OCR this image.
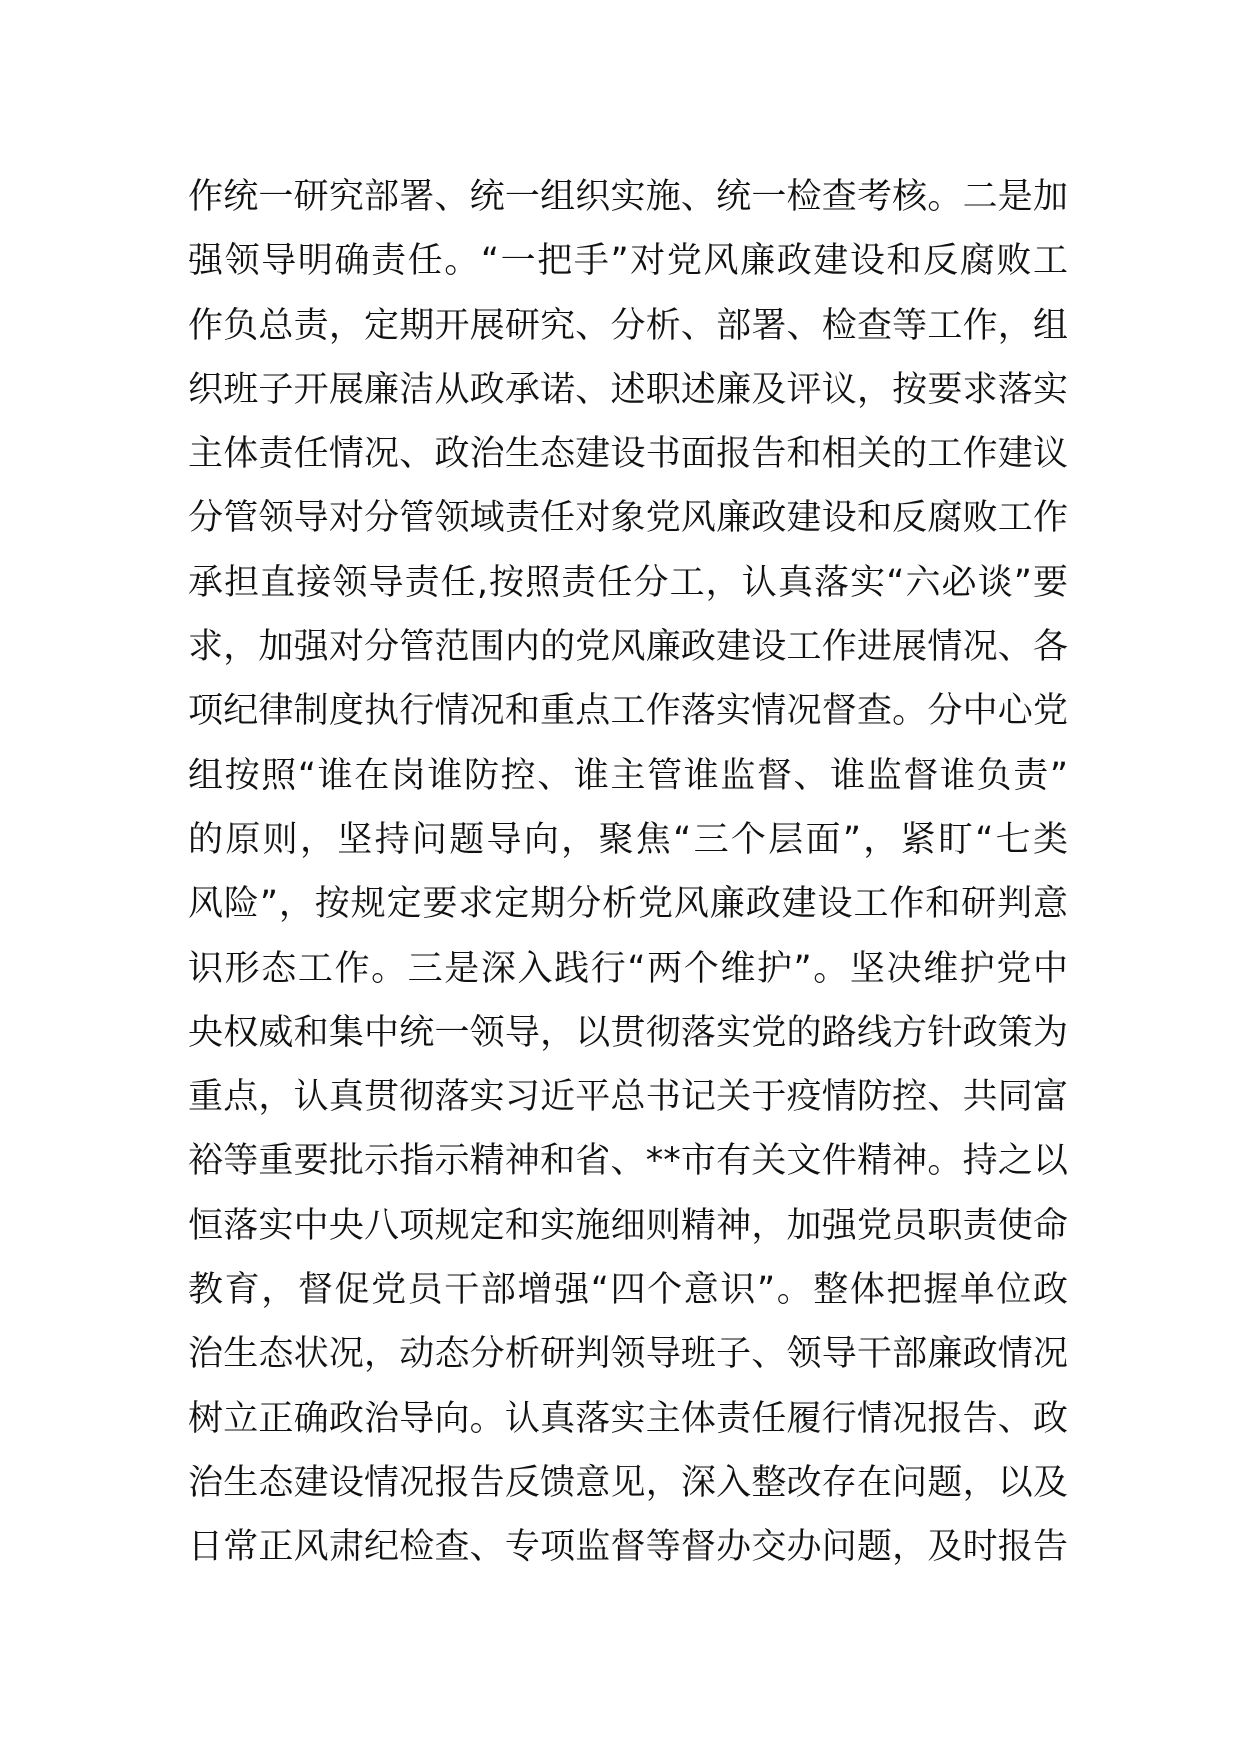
作统一研究部署、统一组织实施、统一检查考核。二是加
强领导明确责任。“一把手”对党风廉政建设和反腐败工
作负总责，定期开展研究、分析、部署、检查等工作，组
织班子开展廉洁从政承诺、述职述廉及评议，按要求落实
主体责任情况、政治生态建设书面报告和相关的工作建议
分管领导对分管领域责任对象党风廉政建设和反腐败工作
承担直接领导责任,按照责任分工，认真落实“六必谈”要
求，加强对分管范围内的党风廉政建设工作进展情况、各
项纪律制度执行情况和重点工作落实情况督查。分中心党
组按照“谁在岗谁防控、谁主管谁监督、谁监督谁负责”
的原则，坚持问题导向，聚焦“三个层面”，紧盯“七类
风险”，按规定要求定期分析党风廉政建设工作和研判意
识形态工作。三是深入践行“两个维护”。坚决维护党中
央权威和集中统一领导，以贯彻落实党的路线方针政策为
重点，认真贯彻落实习近平总书记关于疫情防控、共同富
裕等重要批示指示精神和省、**市有关文件精神。持之以
恒落实中央八项规定和实施细则精神，加强党员职责使命
教育，督促党员干部增强“四个意识”。整体把握单位政
治生态状况，动态分析研判领导班子、领导干部廉政情况
树立正确政治导向。认真落实主体责任履行情况报告、政
治生态建设情况报告反馈意见，深入整改存在问题，以及
日常正风肃纪检查、专项监督等督办交办问题，及时报告
